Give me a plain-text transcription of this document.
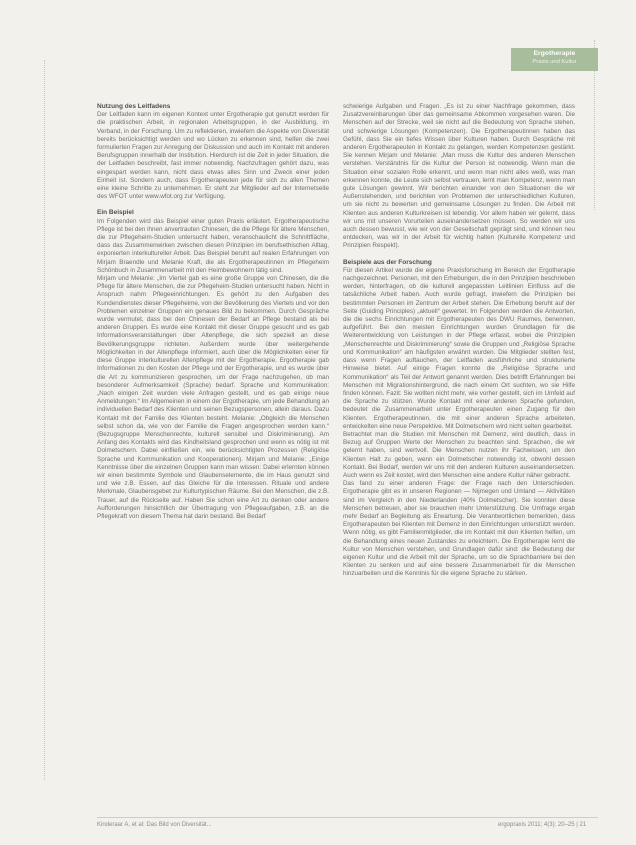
Ergotherapie
Praxis und Kultur
Nutzung des Leitfadens

Der Leitfaden kann im eigenen Kontext unter Ergotherapie gut genutzt werden für die praktischen Arbeit, in regionalen Arbeitsgruppen, in der Ausbildung, im Verband, in der Forschung. Um zu reflektieren, inwiefern die Aspekte von Diversität bereits berücksichtigt werden und wo Lücken zu erkennen sind, helfen die zwei formulierten Fragen zur Anregung der Diskussion und auch im Kontakt mit anderen Berufsgruppen innerhalb der Institution. Hierdurch ist die Zeit in jeder Situation, die der Leitfaden beschreibt, fast immer notwendig. Nachzufragen gehört dazu, was eingespart werden kann, nicht dass etwas alles Sinn und Zweck einer jeden Einheit ist. Sondern auch, dass Ergotherapeuten jede für sich zu allen Themen eine kleine Schritte zu unternehmen. Er steht zur Mitglieder auf der Internetseite des WFOT unter www.wfot.org zur Verfügung.

Ein Beispiel

Im Folgenden wird das Beispiel einer guten Praxis erläutert. Ergotherapeutische Pflege ist bei den ihnen anvertrauten Chinesen, die die Pflege für ältere Menschen, die zur Pflegeheim-Studien untersucht haben, veranschaulicht die Schnittfläche, dass das Zusammenwirken zwischen diesen Prinzipien im berufsethischen Alltag, exponierten interkultureller Arbeit. Das Beispiel beruht auf realen Erfahrungen von Mirjam Braendle und Melanie Kraft, die als Ergotherapeutinnen im Pflegeheim Schönbuch in Zusammenarbeit mit den Heimbewohnern tätig sind.

Mirjam und Melanie: „Im Viertel gab es eine große Gruppe von Chinesen, die die Pflege für ältere Menschen, die zur Pflegeheim-Studien untersucht haben. Nicht in Anspruch nahm Pflegeeinrichtungen. Es gehört zu den Aufgaben des Kundendienstes dieser Pflegeheime, von der Bevölkerung des Viertels und vor den Problemen einzelner Gruppen ein genaues Bild zu bekommen. Durch Gespräche wurde vermutet, dass bei den Chinesen der Bedarf an Pflege bestand als bei anderen Gruppen. Es wurde eine Kontakt mit dieser Gruppe gesucht und es gab Informationsveranstaltungen über Altenpflege, die sich speziell an diese Bevölkerungsgruppe richteten. Außerdem wurde über weitergehende Möglichkeiten in der Altenpflege informiert, auch über die Möglichkeiten einer für diese Gruppe interkulturellen Altenpflege mit der Ergotherapie. Ergotherapie gab Informationen zu den Kosten der Pflege und der Ergotherapie, und es wurde über die Art zu kommunizieren gesprochen, um der Frage nachzugehen, ob man besonderer Aufmerksamkeit (Sprache) bedarf. Sprache und Kommunikation: „Nach einigen Zeit wurden viele Anfragen gestellt, und es gab einige neue Anmeldungen.“ Im Allgemeinen in einem der Ergotherapie, um jede Behandlung an individuellen Bedarf des Klienten und seinen Bezugspersonen, allein daraus. Dazu Kontakt mit der Familie des Klienten besteht. Melanie: „Obgleich die Menschen selbst schon da, wie von der Familie die Fragen angesprochen werden kann.“ (Bezugsgruppe Menschenrechte, kulturell sensibel und Diskriminierung). Am Anfang des Kontakts wird das Kindheitsland gesprochen und wenn es nötig ist mit Dolmetschern. Dabei einfließen ein, wie berücksichtigten Prozessen (Religiöse Sprache und Kommunikation und Kooperationen). Mirjam und Melanie: „Einige Kenntnisse über die einzelnen Gruppen kann man wissen: Dabei erlernten können wir einen bestimmte Symbole und Glaubenselemente, die im Haus genutzt sind und wie z.B. Essen, auf das Gleiche für die Interessen. Rituale und andere Merkmale, Glaubensgebet zur Kulturtypischen Räume. Bei den Menschen, die z.B. Trauer, auf die Rückseite auf. Haben Sie schon eine Art zu denken oder andere Aufforderungen hinsichtlich der Übertragung von Pflegeaufgaben, z.B. an die Pflegekraft von diesem Thema hat darin bestand. Bei Bedarf

schwierige Aufgaben und Fragen. „Es ist zu einer Nachfrage gekommen, dass Zusatzvereinbarungen über das gemeinsame Abkommen vorgesehen waren. Die Menschen auf der Strecke, weil sie nicht auf die Bedeutung von Sprache stehen, und schwierige Lösungen (Kompetenzen). Die Ergotherapeutinnen haben das Gefühl, dass Sie ein tiefes Wissen über Kulturen haben. Durch Gespräche mit anderen Ergotherapeuten in Kontakt zu gelangen, werden Kompetenzen gestärkt. Sie kennen Mirjam und Melanie: „Man muss die Kultur des anderen Menschen verstehen. Verständnis für die Kultur der Person ist notwendig. Wenn man die Situation einer sozialen Rolle erkennt, und wenn man nicht alles weiß, was man erkennen konnte, die Leute sich selbst vertrauen, lernt man Kompetenz, wenn man gute Lösungen gewinnt. Wir berichten einander von den Situationen die wir Außenstehenden, und berichten von Problemen der unterschiedlichen Kulturen, um sie nicht zu bewerten und gemeinsame Lösungen zu finden. Die Arbeit mit Klienten aus anderen Kulturkreisen ist lebendig. Vor allem haben wir gelernt, dass wir uns mit unseren Vorurteilen auseinandersetzen müssen. So werden wir uns auch dessen bewusst, wie wir von der Gesellschaft geprägt sind, und können neu entdecken, was wir in der Arbeit für wichtig halten (Kulturelle Kompetenz und Prinzipien Respekt).

Beispiele aus der Forschung

Für diesen Artikel wurde die eigene Praxisforschung im Bereich der Ergotherapie nachgezeichnet. Personen, mit den Erhebungen, die in den Prinzipien beschrieben werden, hinterfragen, ob die kulturell angepassten Leitlinien Einfluss auf die tatsächliche Arbeit haben. Auch wurde gefragt, inwiefern die Prinzipien bei bestimmten Personen im Zentrum der Arbeit stehen. Die Erhebung beruht auf der Seite (Guiding Principles) „aktuell“ gewertet. Im Folgenden werden die Antworten, die die sechs Einrichtungen mit Ergotherapeuten des DWU Raumes, benennen, aufgeführt. Bei den meisten Einrichtungen wurden Grundlagen für die Weiterentwicklung von Leistungen in der Pflege erfasst, wobei die Prinzipien „Menschenrechte und Diskriminierung“ sowie die Gruppen und „Religiöse Sprache und Kommunikation“ am häufigsten erwähnt wurden. Die Mitglieder stellten fest, dass wenn Fragen auftauchen, der Leitfaden ausführliche und strukturierte Hinweise bietet. Auf einige Fragen konnte die „Religiöse Sprache und Kommunikation“ als Teil der Antwort genannt werden. Dies betrifft Erfahrungen bei Menschen mit Migrationshintergrund, die nach einem Ort suchten, wo sie Hilfe finden können. Fazit: Sie wollten nicht mehr, wie vorher gestellt, sich im Umfeld auf die Sprache zu stützen. Wurde Kontakt mit einer anderen Sprache gefunden, bedeutet die Zusammenarbeit unter Ergotherapeuten einen Zugang für den Klienten. Ergotherapeutinnen, die mit einer anderen Sprache arbeiteten, entwickelten eine neue Perspektive. Mit Dolmetschern wird nicht selten gearbeitet.

Betrachtet man die Studien mit Menschen mit Demenz, wird deutlich, dass in Bezug auf Gruppen Werte der Menschen zu beachten sind. Sprachen, die wir gelernt haben, sind wertvoll. Die Menschen nutzen ihr Fachwissen, um den Klienten Halt zu geben, wenn ein Dolmetscher notwendig ist, obwohl dessen Kontakt. Bei Bedarf, werden wir uns mit den anderen Kulturen auseinandersetzen. Auch wenn es Zeit kostet, wird den Menschen eine andere Kultur näher gebracht.

Das fand zu einer anderen Frage: der Frage nach den Unterschieden. Ergotherapie gibt es in unseren Regionen — Nijmegen und Umland — Aktivitäten sind im Vergleich in den Niederlanden (40% Dolmetscher). Sie konnten diese Menschen betreuen, aber sie brauchen mehr Unterstützung. Die Umfrage ergab mehr Bedarf an Begleitung als Erwartung. Die Verantwortlichen bemerkten, dass Ergotherapeuten bei Klienten mit Demenz in den Einrichtungen unterstützt werden. Wenn nötig, es gibt Familienmitglieder, die im Kontakt mit den Klienten helfen, um die Behandlung eines neuen Zustandes zu erleichtern. Die Ergotherapie lernt die Kultur von Menschen verstehen, und Grundlagen dafür sind: die Bedeutung der eigenen Kultur und die Arbeit mit der Sprache, um so die Sprachbarriere bei den Klienten zu senken und auf eine bessere Zusammenarbeit für die Menschen hinzuarbeiten und die Kenntnis für die eigene Sprache zu stärken.

Kinderaar A, et al: Das Bild von Diversität...	ergopraxis 2011; 4(3): 20–25 | 21
